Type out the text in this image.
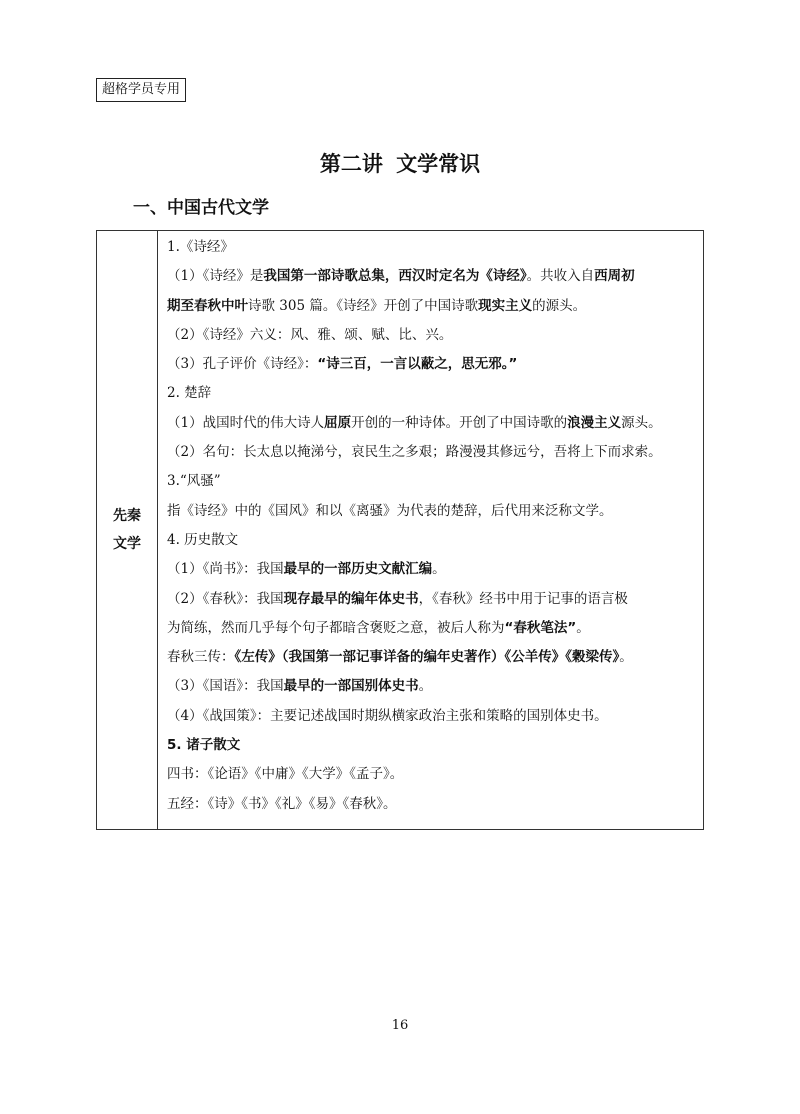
超格学员专用
第二讲 文学常识
一、中国古代文学
先秦
文学
1.《诗经》
（1）《诗经》是我国第一部诗歌总集，西汉时定名为《诗经》。共收入自西周初
期至春秋中叶诗歌 305 篇。《诗经》开创了中国诗歌现实主义的源头。
（2）《诗经》六义：风、雅、颂、赋、比、兴。
（3）孔子评价《诗经》：“诗三百，一言以蔽之，思无邪。”
2. 楚辞
（1）战国时代的伟大诗人屈原开创的一种诗体。开创了中国诗歌的浪漫主义源头。
（2）名句：长太息以掩涕兮，哀民生之多艰；路漫漫其修远兮，吾将上下而求索。
3.“风骚”
指《诗经》中的《国风》和以《离骚》为代表的楚辞，后代用来泛称文学。
4. 历史散文
（1）《尚书》：我国最早的一部历史文献汇编。
（2）《春秋》：我国现存最早的编年体史书，《春秋》经书中用于记事的语言极
为简练，然而几乎每个句子都暗含褒贬之意，被后人称为“春秋笔法”。
春秋三传：《左传》（我国第一部记事详备的编年史著作）《公羊传》《穀梁传》。
（3）《国语》：我国最早的一部国别体史书。
（4）《战国策》：主要记述战国时期纵横家政治主张和策略的国别体史书。
5. 诸子散文
四书：《论语》《中庸》《大学》《孟子》。
五经：《诗》《书》《礼》《易》《春秋》。
16
